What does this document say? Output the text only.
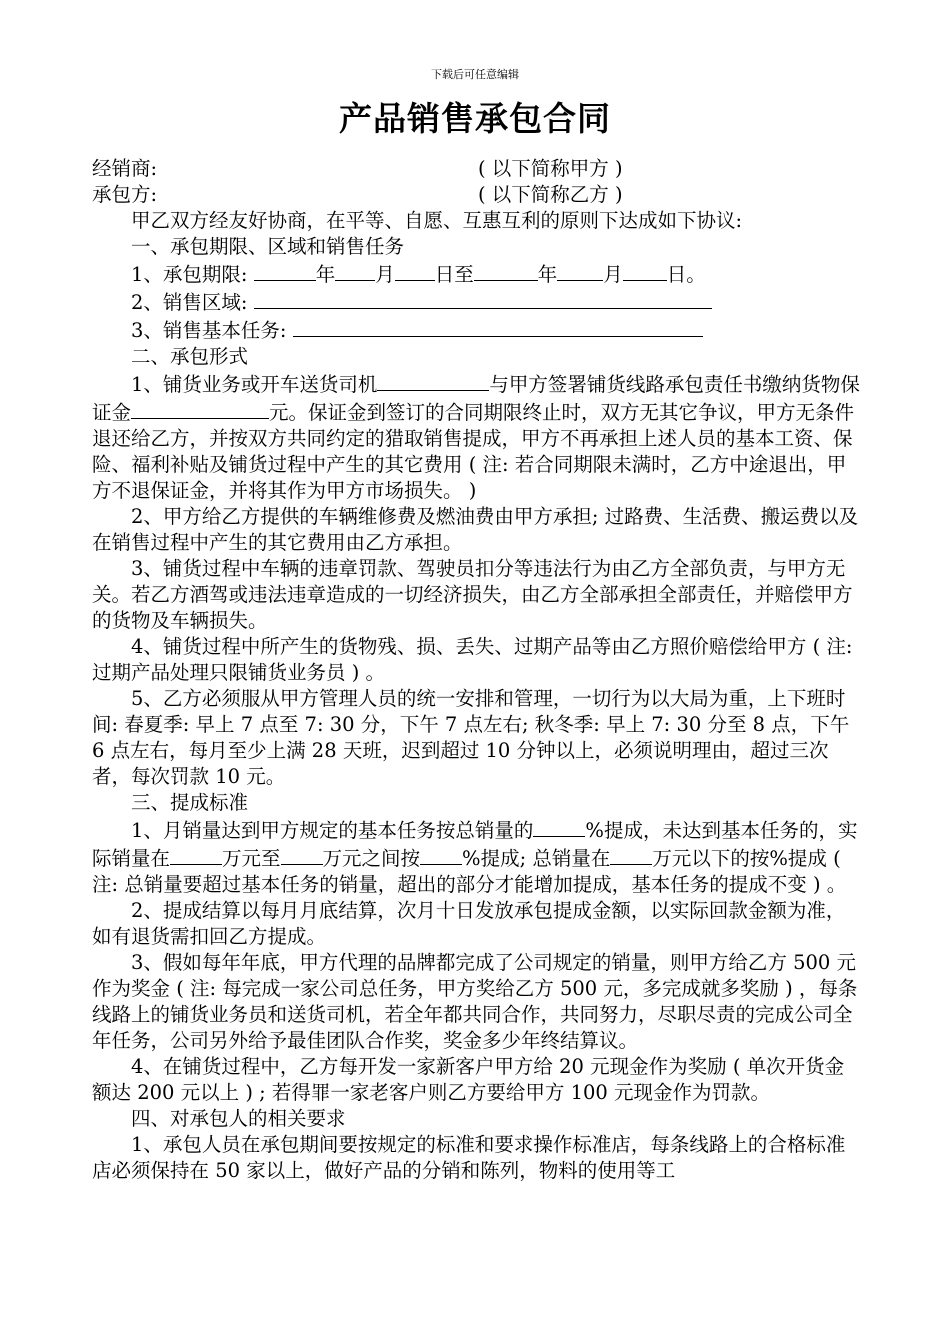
下载后可任意编辑
产品销售承包合同
经销商:	( 以下简称甲方 )
承包方:	( 以下简称乙方 )

甲乙双方经友好协商，在平等、自愿、互惠互利的原则下达成如下协议:

一、承包期限、区域和销售任务

1、承包期限:	年 月 日至	年 月 日。

2、销售区域:

3、销售基本任务:

二、承包形式

1、铺货业务或开车送货司机	与甲方签署铺货线路承包责任书缴纳货物保证金	元。保证金到签订的合同期限终止时，双方无其它争议，甲方无条件退还给乙方，并按双方共同约定的猎取销售提成，甲方不再承担上述人员的基本工资、保险、福利补贴及铺货过程中产生的其它费用 ( 注: 若合同期限未满时，乙方中途退出，甲方不退保证金，并将其作为甲方市场损失。 )

2、甲方给乙方提供的车辆维修费及燃油费由甲方承担; 过路费、生活费、搬运费以及在销售过程中产生的其它费用由乙方承担。

3、铺货过程中车辆的违章罚款、驾驶员扣分等违法行为由乙方全部负责，与甲方无关。若乙方酒驾或违法违章造成的一切经济损失，由乙方全部承担全部责任，并赔偿甲方的货物及车辆损失。

4、铺货过程中所产生的货物残、损、丢失、过期产品等由乙方照价赔偿给甲方 ( 注: 过期产品处理只限铺货业务员 ) 。

5、乙方必须服从甲方管理人员的统一安排和管理，一切行为以大局为重，上下班时间: 春夏季: 早上 7 点至 7: 30 分，下午 7 点左右; 秋冬季: 早上 7: 30 分至 8 点，下午 6 点左右，每月至少上满 28 天班，迟到超过 10 分钟以上，必须说明理由，超过三次者，每次罚款 10 元。

三、提成标准

1、月销量达到甲方规定的基本任务按总销量的	%提成，未达到基本任务的，实际销量在	万元至 万元之间按 %提成; 总销量在 万元以下的按%提成 ( 注: 总销量要超过基本任务的销量，超出的部分才能增加提成，基本任务的提成不变 ) 。

2、提成结算以每月月底结算，次月十日发放承包提成金额，以实际回款金额为准，如有退货需扣回乙方提成。

3、假如每年年底，甲方代理的品牌都完成了公司规定的销量，则甲方给乙方 500 元作为奖金 ( 注: 每完成一家公司总任务，甲方奖给乙方 500 元，多完成就多奖励 ) ，每条线路上的铺货业务员和送货司机，若全年都共同合作，共同努力，尽职尽责的完成公司全年任务，公司另外给予最佳团队合作奖，奖金多少年终结算议。

4、在铺货过程中，乙方每开发一家新客户甲方给 20 元现金作为奖励 ( 单次开货金额达 200 元以上 ) ; 若得罪一家老客户则乙方要给甲方 100 元现金作为罚款。

四、对承包人的相关要求

1、承包人员在承包期间要按规定的标准和要求操作标准店，每条线路上的合格标准店必须保持在 50 家以上，做好产品的分销和陈列，物料的使用等工
